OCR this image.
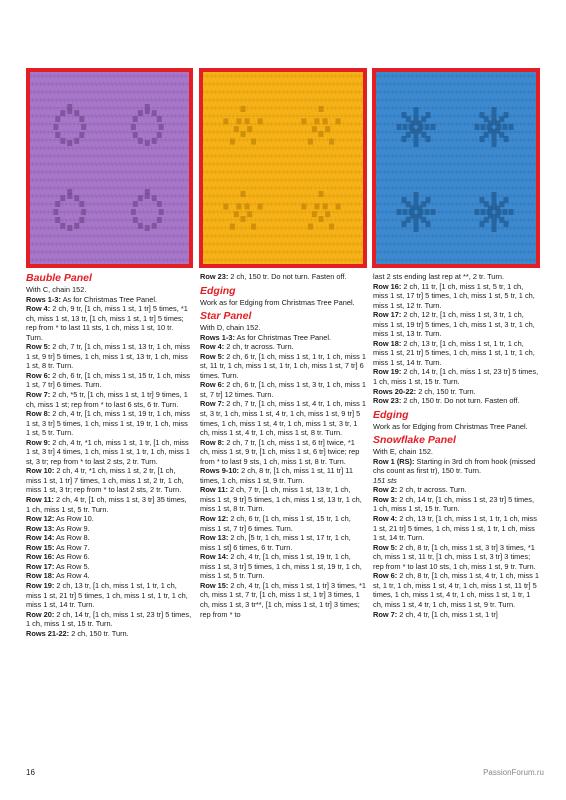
Bauble Panel

With C, chain 152.

Rows 1-3: As for Christmas Tree Panel.

Row 4: 2 ch, 9 tr, [1 ch, miss 1 st, 1 tr] 5 times, *1 ch, miss 1 st, 13 tr, [1 ch, miss 1 st, 1 tr] 5 times; rep from * to last 11 sts, 1 ch, miss 1 st, 10 tr. Turn.

Row 5: 2 ch, 7 tr, [1 ch, miss 1 st, 13 tr, 1 ch, miss 1 st, 9 tr] 5 times, 1 ch, miss 1 st, 13 tr, 1 ch, miss 1 st, 8 tr. Turn.

Row 6: 2 ch, 6 tr, [1 ch, miss 1 st, 15 tr, 1 ch, miss 1 st, 7 tr] 6 times. Turn.

Row 7: 2 ch, *5 tr, [1 ch, miss 1 st, 1 tr] 9 times, 1 ch, miss 1 st; rep from * to last 6 sts, 6 tr. Turn.

Row 8: 2 ch, 4 tr, [1 ch, miss 1 st, 19 tr, 1 ch, miss 1 st, 3 tr] 5 times, 1 ch, miss 1 st, 19 tr, 1 ch, miss 1 st, 5 tr. Turn.

Row 9: 2 ch, 4 tr, *1 ch, miss 1 st, 1 tr, [1 ch, miss 1 st, 3 tr] 4 times, 1 ch, miss 1 st, 1 tr, 1 ch, miss 1 st, 3 tr; rep from * to last 2 sts, 2 tr. Turn.

Row 10: 2 ch, 4 tr, *1 ch, miss 1 st, 2 tr, [1 ch, miss 1 st, 1 tr] 7 times, 1 ch, miss 1 st, 2 tr, 1 ch, miss 1 st, 3 tr; rep from * to last 2 sts, 2 tr. Turn.

Row 11: 2 ch, 4 tr, [1 ch, miss 1 st, 3 tr] 35 times, 1 ch, miss 1 st, 5 tr. Turn.

Row 12: As Row 10.

Row 13: As Row 9.

Row 14: As Row 8.

Row 15: As Row 7.

Row 16: As Row 6.

Row 17: As Row 5.

Row 18: As Row 4.

Row 19: 2 ch, 13 tr, [1 ch, miss 1 st, 1 tr, 1 ch, miss 1 st, 21 tr] 5 times, 1 ch, miss 1 st, 1 tr, 1 ch, miss 1 st, 14 tr. Turn.

Row 20: 2 ch, 14 tr, [1 ch, miss 1 st, 23 tr] 5 times, 1 ch, miss 1 st, 15 tr. Turn.

Rows 21-22: 2 ch, 150 tr. Turn.

Row 23: 2 ch, 150 tr. Do not turn. Fasten off.

Edging

Work as for Edging from Christmas Tree Panel.

Star Panel

With D, chain 152.

Rows 1-3: As for Christmas Tree Panel.

Row 4: 2 ch, tr across. Turn.

Row 5: 2 ch, 6 tr, [1 ch, miss 1 st, 1 tr, 1 ch, miss 1 st, 11 tr, 1 ch, miss 1 st, 1 tr, 1 ch, miss 1 st, 7 tr] 6 times. Turn.

Row 6: 2 ch, 6 tr, [1 ch, miss 1 st, 3 tr, 1 ch, miss 1 st, 7 tr] 12 times. Turn.

Row 7: 2 ch, 7 tr, [1 ch, miss 1 st, 4 tr, 1 ch, miss 1 st, 3 tr, 1 ch, miss 1 st, 4 tr, 1 ch, miss 1 st, 9 tr] 5 times, 1 ch, miss 1 st, 4 tr, 1 ch, miss 1 st, 3 tr, 1 ch, miss 1 st, 4 tr, 1 ch, miss 1 st, 8 tr. Turn.

Row 8: 2 ch, 7 tr, [1 ch, miss 1 st, 6 tr] twice, *1 ch, miss 1 st, 9 tr, [1 ch, miss 1 st, 6 tr] twice; rep from * to last 9 sts, 1 ch, miss 1 st, 8 tr. Turn.

Rows 9-10: 2 ch, 8 tr, [1 ch, miss 1 st, 11 tr] 11 times, 1 ch, miss 1 st, 9 tr. Turn.

Row 11: 2 ch, 7 tr, [1 ch, miss 1 st, 13 tr, 1 ch, miss 1 st, 9 tr] 5 times, 1 ch, miss 1 st, 13 tr, 1 ch, miss 1 st, 8 tr. Turn.

Row 12: 2 ch, 6 tr, [1 ch, miss 1 st, 15 tr, 1 ch, miss 1 st, 7 tr] 6 times. Turn.

Row 13: 2 ch, [5 tr, 1 ch, miss 1 st, 17 tr, 1 ch, miss 1 st] 6 times, 6 tr. Turn.

Row 14: 2 ch, 4 tr, [1 ch, miss 1 st, 19 tr, 1 ch, miss 1 st, 3 tr] 5 times, 1 ch, miss 1 st, 19 tr, 1 ch, miss 1 st, 5 tr. Turn.

Row 15: 2 ch, 4 tr, [1 ch, miss 1 st, 1 tr] 3 times, *1 ch, miss 1 st, 7 tr, [1 ch, miss 1 st, 1 tr] 3 times, 1 ch, miss 1 st, 3 tr**, [1 ch, miss 1 st, 1 tr] 3 times; rep from * to

last 2 sts ending last rep at **, 2 tr. Turn.

Row 16: 2 ch, 11 tr, [1 ch, miss 1 st, 5 tr, 1 ch, miss 1 st, 17 tr] 5 times, 1 ch, miss 1 st, 5 tr, 1 ch, miss 1 st, 12 tr. Turn.

Row 17: 2 ch, 12 tr, [1 ch, miss 1 st, 3 tr, 1 ch, miss 1 st, 19 tr] 5 times, 1 ch, miss 1 st, 3 tr, 1 ch, miss 1 st, 13 tr. Turn.

Row 18: 2 ch, 13 tr, [1 ch, miss 1 st, 1 tr, 1 ch, miss 1 st, 21 tr] 5 times, 1 ch, miss 1 st, 1 tr, 1 ch, miss 1 st, 14 tr. Turn.

Row 19: 2 ch, 14 tr, [1 ch, miss 1 st, 23 tr] 5 times, 1 ch, miss 1 st, 15 tr. Turn.

Rows 20-22: 2 ch, 150 tr. Turn.

Row 23: 2 ch, 150 tr. Do not turn. Fasten off.

Edging

Work as for Edging from Christmas Tree Panel.

Snowflake Panel

With E, chain 152.

Row 1 (RS): Starting in 3rd ch from hook (missed chs count as first tr), 150 tr. Turn.

151 sts

Row 2: 2 ch, tr across. Turn.

Row 3: 2 ch, 14 tr, [1 ch, miss 1 st, 23 tr] 5 times, 1 ch, miss 1 st, 15 tr. Turn.

Row 4: 2 ch, 13 tr, [1 ch, miss 1 st, 1 tr, 1 ch, miss 1 st, 21 tr] 5 times, 1 ch, miss 1 st, 1 tr, 1 ch, miss 1 st, 14 tr. Turn.

Row 5: 2 ch, 8 tr, [1 ch, miss 1 st, 3 tr] 3 times, *1 ch, miss 1 st, 11 tr, [1 ch, miss 1 st, 3 tr] 3 times; rep from * to last 10 sts, 1 ch, miss 1 st, 9 tr. Turn.

Row 6: 2 ch, 8 tr, [1 ch, miss 1 st, 4 tr, 1 ch, miss 1 st, 1 tr, 1 ch, miss 1 st, 4 tr, 1 ch, miss 1 st, 11 tr] 5 times, 1 ch, miss 1 st, 4 tr, 1 ch, miss 1 st, 1 tr, 1 ch, miss 1 st, 4 tr, 1 ch, miss 1 st, 9 tr. Turn.

Row 7: 2 ch, 4 tr, [1 ch, miss 1 st, 1 tr]

16	PassionForum.ru
